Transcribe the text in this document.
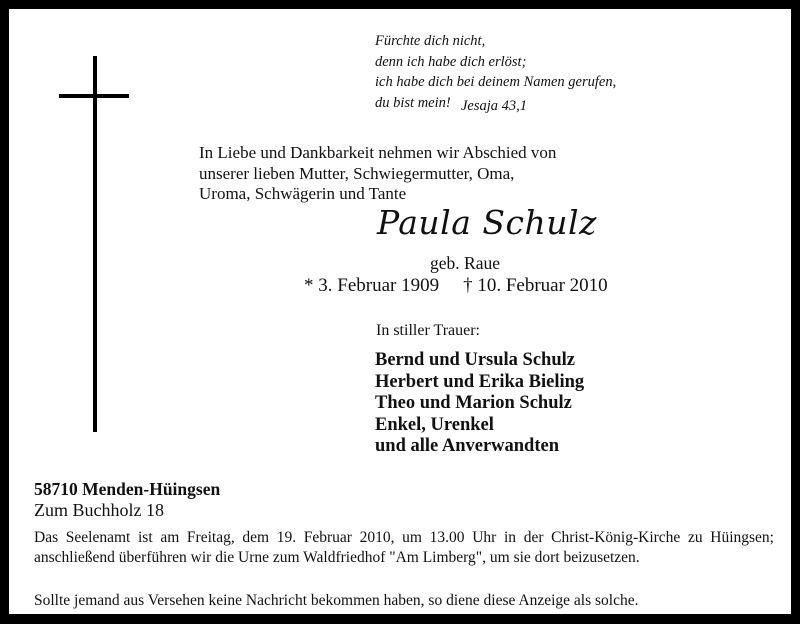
Fürchte dich nicht,
denn ich habe dich erlöst;
ich habe dich bei deinem Namen gerufen,
du bist mein! Jesaja 43,1
In Liebe und Dankbarkeit nehmen wir Abschied von
unserer lieben Mutter, Schwiegermutter, Oma,
Uroma, Schwägerin und Tante
Paula Schulz
geb. Raue
* 3. Februar 1909 † 10. Februar 2010
In stiller Trauer:
Bernd und Ursula Schulz
Herbert und Erika Bieling
Theo und Marion Schulz
Enkel, Urenkel
und alle Anverwandten
58710 Menden-Hüingsen
Zum Buchholz 18
Das Seelenamt ist am Freitag, dem 19. Februar 2010, um 13.00 Uhr in der Christ-König-Kirche zu Hüingsen; anschließend überführen wir die Urne zum Waldfriedhof "Am Limberg", um sie dort beizusetzen.
Sollte jemand aus Versehen keine Nachricht bekommen haben, so diene diese Anzeige als solche.
